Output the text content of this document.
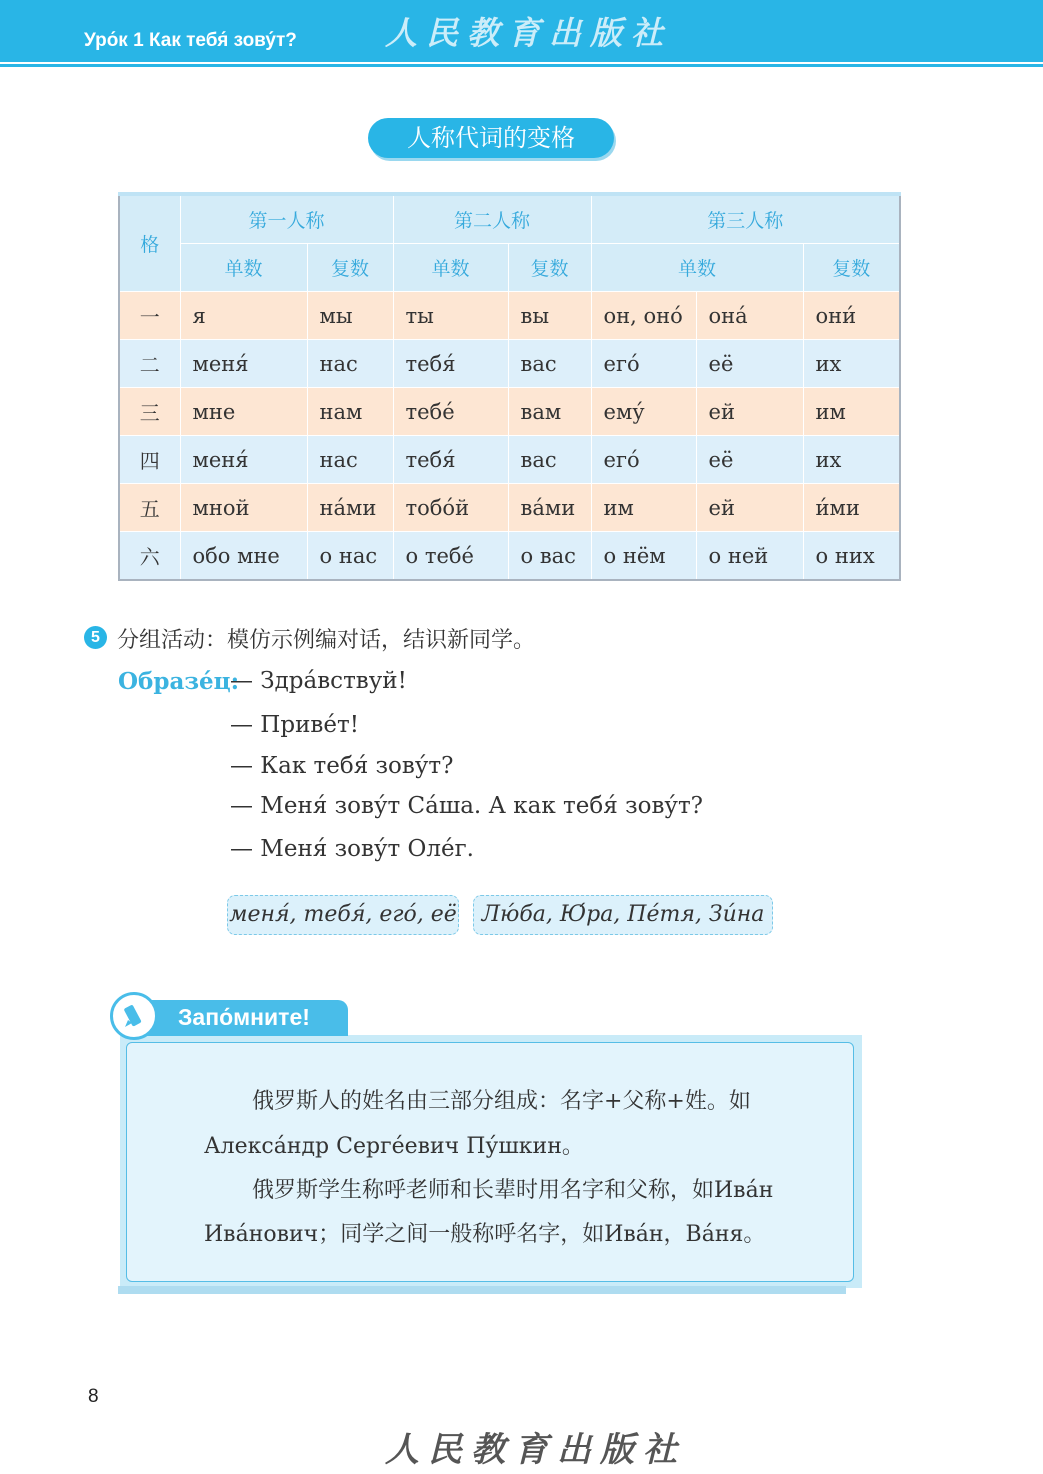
Уро́к 1 Как тебя́ зову́т?	人民教育出版社
人称代词的变格
格	第一人称		第二人称		第三人称		
	单数	复数	单数	复数	单数		复数
一	я	мы	ты	вы	он, оно́	она́	они́
二	меня́	нас	тебя́	вас	его́	её	их
三	мне	нам	тебе́	вам	ему́	ей	им
四	меня́	нас	тебя́	вас	его́	её	их
五	мной	на́ми	тобо́й	ва́ми	им	ей	и́ми
六	обо мне	о нас	о тебе́	о вас	о нём	о ней	о них
5 分组活动：模仿示例编对话，结识新同学。
Образе́ц:
— Здра́вствуй!
— Приве́т!
— Как тебя́ зову́т?
— Меня́ зову́т Са́ша. А как тебя́ зову́т?
— Меня́ зову́т Оле́г.
меня́, тебя́, его́, её	Лю́ба, Ю́ра, Пе́тя, Зи́на
Запо́мните!
俄罗斯人的姓名由三部分组成：名字+父称+姓。如
Алекса́ндр Серге́евич Пу́шкин。
俄罗斯学生称呼老师和长辈时用名字和父称，如Ива́н
Ива́нович；同学之间一般称呼名字，如Ива́н，Ва́ня。
8
人民教育出版社
